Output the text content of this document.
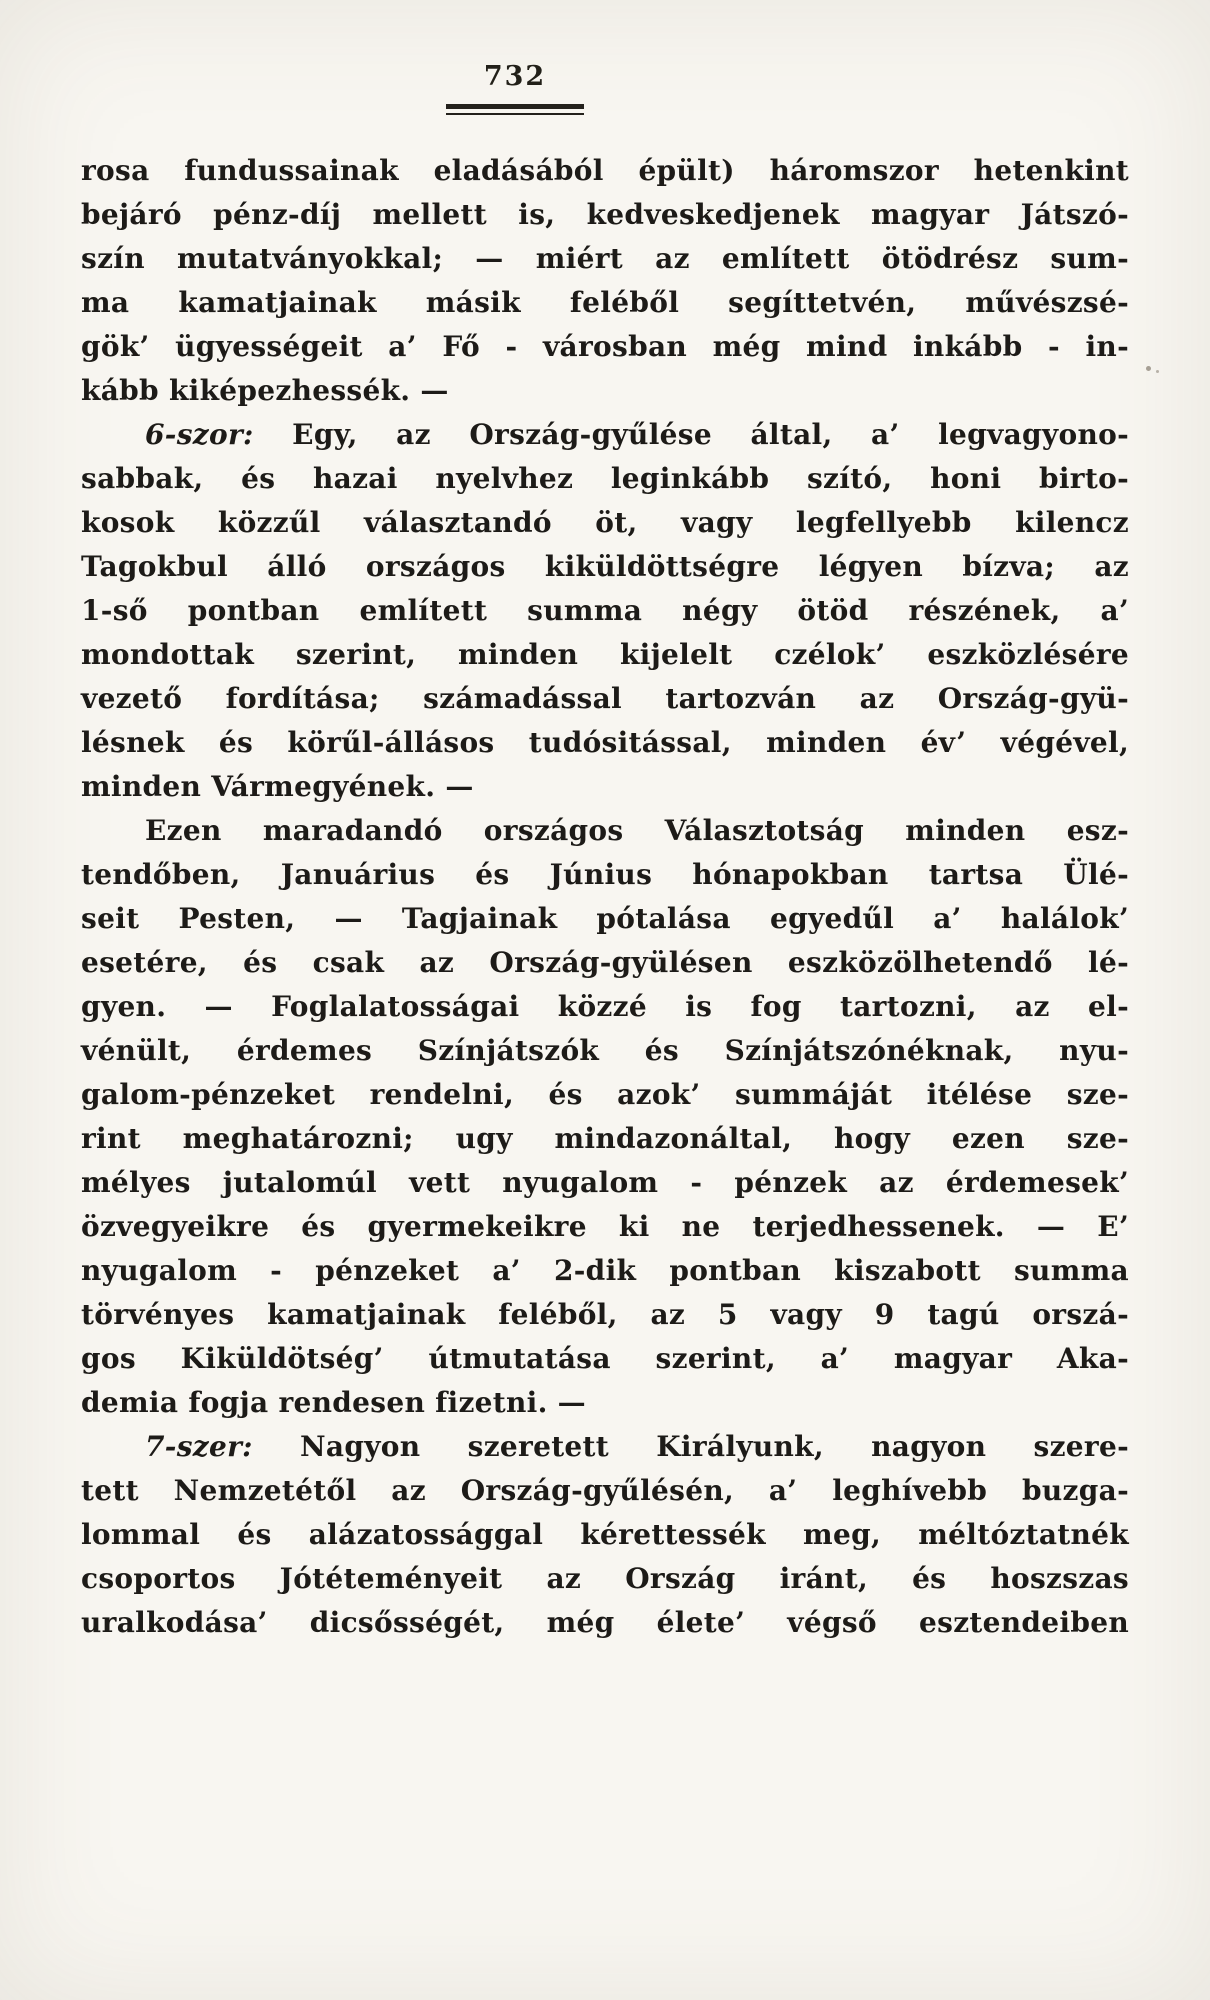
732
rosa fundussainak eladásából épült) háromszor hetenkint
bejáró pénz-díj mellett is, kedveskedjenek magyar Játszó-
szín mutatványokkal; — miért az említett ötödrész sum-
ma kamatjainak másik feléből segíttetvén, művészsé-
gök’ ügyességeit a’ Fő - városban még mind inkább - in-
kább kiképezhessék. —
6-szor: Egy, az Ország-gyűlése által, a’ legvagyono-
sabbak, és hazai nyelvhez leginkább szító, honi birto-
kosok közzűl választandó öt, vagy legfellyebb kilencz
Tagokbul álló országos kiküldöttségre légyen bízva; az
1-ső pontban említett summa négy ötöd részének, a’
mondottak szerint, minden kijelelt czélok’ eszközlésére
vezető fordítása; számadással tartozván az Ország-gyü-
lésnek és körűl-állásos tudósitással, minden év’ végével,
minden Vármegyének. —
Ezen maradandó országos Választotság minden esz-
tendőben, Januárius és Június hónapokban tartsa Ülé-
seit Pesten, — Tagjainak pótalása egyedűl a’ halálok’
esetére, és csak az Ország-gyülésen eszközölhetendő lé-
gyen. — Foglalatosságai közzé is fog tartozni, az el-
vénült, érdemes Színjátszók és Színjátszónéknak, nyu-
galom-pénzeket rendelni, és azok’ summáját itélése sze-
rint meghatározni; ugy mindazonáltal, hogy ezen sze-
mélyes jutalomúl vett nyugalom - pénzek az érdemesek’
özvegyeikre és gyermekeikre ki ne terjedhessenek. — E’
nyugalom - pénzeket a’ 2-dik pontban kiszabott summa
törvényes kamatjainak feléből, az 5 vagy 9 tagú orszá-
gos Kiküldötség’ útmutatása szerint, a’ magyar Aka-
demia fogja rendesen fizetni. —
7-szer: Nagyon szeretett Királyunk, nagyon szere-
tett Nemzetétől az Ország-gyűlésén, a’ leghívebb buzga-
lommal és alázatossággal kérettessék meg, méltóztatnék
csoportos Jótéteményeit az Ország iránt, és hoszszas
uralkodása’ dicsősségét, még élete’ végső esztendeiben
